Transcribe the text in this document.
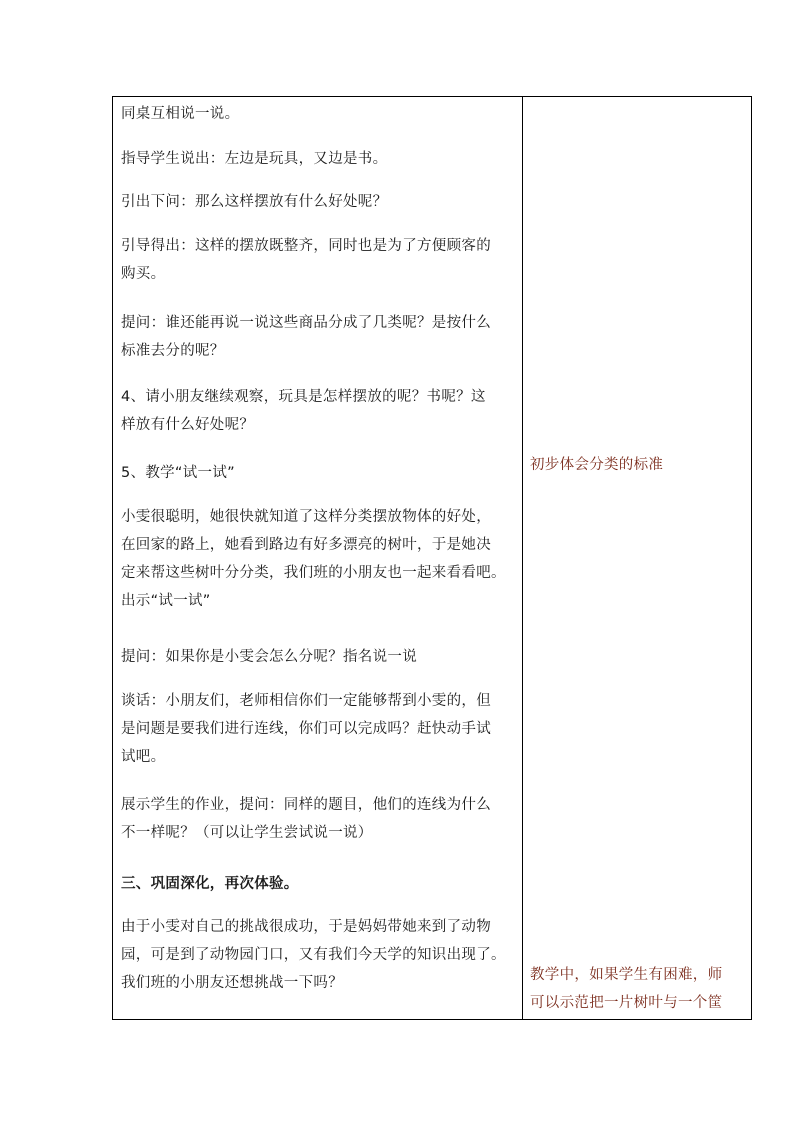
同桌互相说一说。

指导学生说出：左边是玩具，又边是书。

引出下问：那么这样摆放有什么好处呢？

引导得出：这样的摆放既整齐，同时也是为了方便顾客的
购买。

提问：谁还能再说一说这些商品分成了几类呢？是按什么
标准去分的呢？

4、请小朋友继续观察，玩具是怎样摆放的呢？书呢？这
样放有什么好处呢？

5、教学“试一试”

小雯很聪明，她很快就知道了这样分类摆放物体的好处，
在回家的路上，她看到路边有好多漂亮的树叶，于是她决
定来帮这些树叶分分类，我们班的小朋友也一起来看看吧。
出示“试一试”

提问：如果你是小雯会怎么分呢？指名说一说

谈话：小朋友们，老师相信你们一定能够帮到小雯的，但
是问题是要我们进行连线，你们可以完成吗？赶快动手试
试吧。

展示学生的作业，提问：同样的题目，他们的连线为什么
不一样呢？（可以让学生尝试说一说）

三、巩固深化，再次体验。

由于小雯对自己的挑战很成功，于是妈妈带她来到了动物
园，可是到了动物园门口，又有我们今天学的知识出现了。
我们班的小朋友还想挑战一下吗？

初步体会分类的标准

教学中，如果学生有困难，师
可以示范把一片树叶与一个筐
